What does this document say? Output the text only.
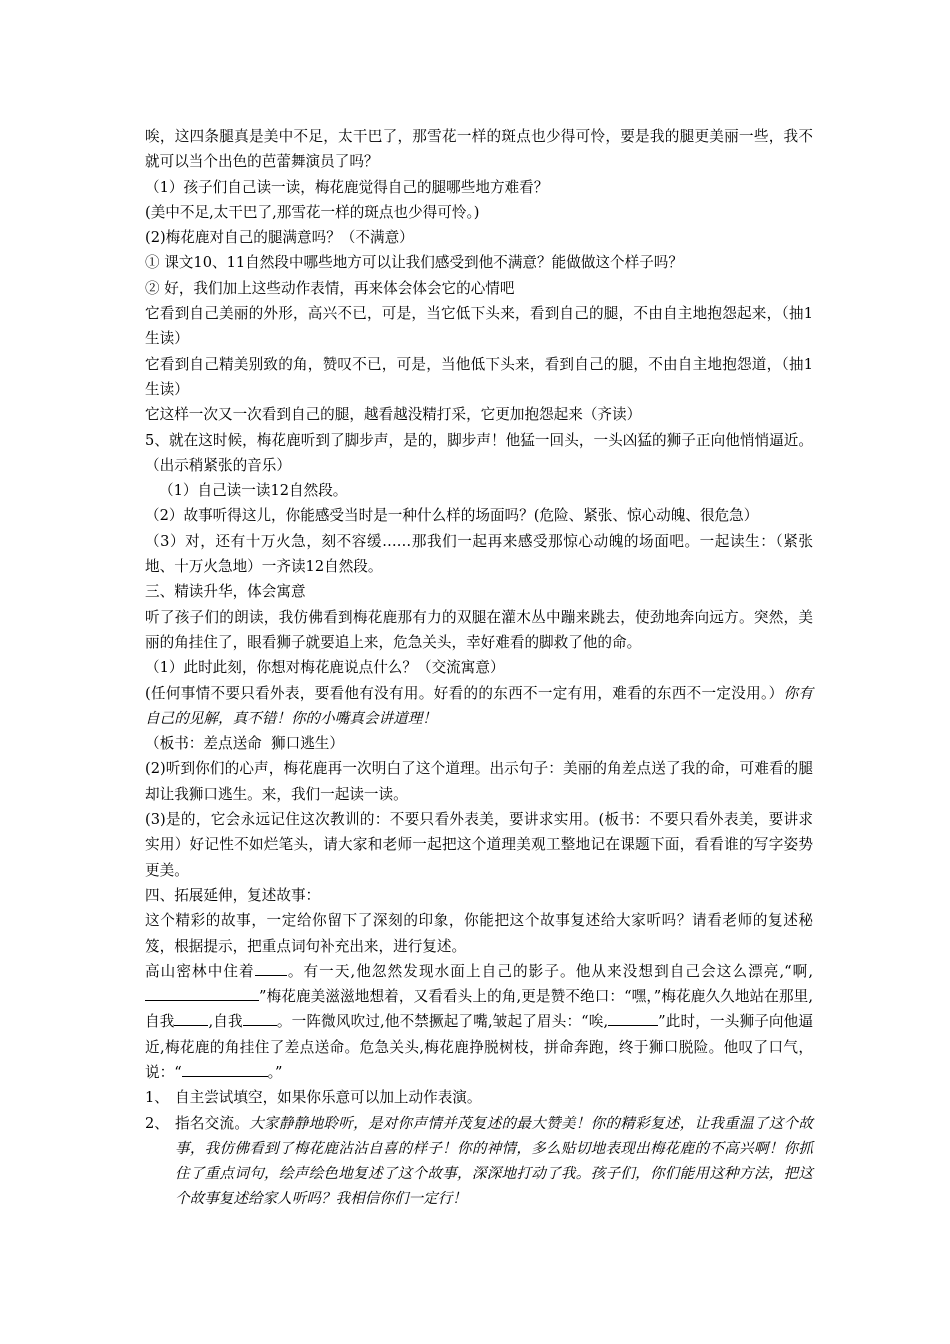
唉，这四条腿真是美中不足，太干巴了，那雪花一样的斑点也少得可怜，要是我的腿更美丽一些，我不就可以当个出色的芭蕾舞演员了吗？

（1）孩子们自己读一读，梅花鹿觉得自己的腿哪些地方难看？

(美中不足,太干巴了,那雪花一样的斑点也少得可怜。)

(2)梅花鹿对自己的腿满意吗？（不满意）

① 课文10、11自然段中哪些地方可以让我们感受到他不满意？能做做这个样子吗？

② 好，我们加上这些动作表情，再来体会体会它的心情吧

它看到自己美丽的外形，高兴不已，可是，当它低下头来，看到自己的腿，不由自主地抱怨起来，（抽1生读）

它看到自己精美别致的角，赞叹不已，可是，当他低下头来，看到自己的腿，不由自主地抱怨道，（抽1生读）

它这样一次又一次看到自己的腿，越看越没精打采，它更加抱怨起来（齐读）

5、就在这时候，梅花鹿听到了脚步声，是的，脚步声！他猛一回头，一头凶猛的狮子正向他悄悄逼近。（出示稍紧张的音乐）

（1）自己读一读12自然段。

（2）故事听得这儿，你能感受当时是一种什么样的场面吗？(危险、紧张、惊心动魄、很危急）

（3）对，还有十万火急，刻不容缓……那我们一起再来感受那惊心动魄的场面吧。一起读生：（紧张地、十万火急地）一齐读12自然段。

三、精读升华，体会寓意

听了孩子们的朗读，我仿佛看到梅花鹿那有力的双腿在灌木丛中蹦来跳去，使劲地奔向远方。突然，美丽的角挂住了，眼看狮子就要追上来，危急关头，幸好难看的脚救了他的命。

（1）此时此刻，你想对梅花鹿说点什么？（交流寓意）

(任何事情不要只看外表，要看他有没有用。好看的的东西不一定有用，难看的东西不一定没用。）你有自己的见解，真不错！你的小嘴真会讲道理！

（板书：差点送命  狮口逃生）

(2)听到你们的心声，梅花鹿再一次明白了这个道理。出示句子：美丽的角差点送了我的命，可难看的腿却让我狮口逃生。来，我们一起读一读。

(3)是的，它会永远记住这次教训的：不要只看外表美，要讲求实用。(板书：不要只看外表美，要讲求实用）好记性不如烂笔头，请大家和老师一起把这个道理美观工整地记在课题下面，看看谁的写字姿势更美。

四、拓展延伸，复述故事：

这个精彩的故事，一定给你留下了深刻的印象，你能把这个故事复述给大家听吗？请看老师的复述秘笈，根据提示，把重点词句补充出来，进行复述。

高山密林中住着 。有一天,他忽然发现水面上自己的影子。他从来没想到自己会这么漂亮,“啊,”梅花鹿美滋滋地想着，又看看头上的角,更是赞不绝口：“嘿，”梅花鹿久久地站在那里,自我 ,自我 。一阵微风吹过,他不禁撅起了嘴,皱起了眉头：“唉,	”此时，一头狮子向他逼近,梅花鹿的角挂住了差点送命。危急关头,梅花鹿挣脱树枝，拼命奔跑，终于狮口脱险。他叹了口气，说：“	。”

1、 自主尝试填空，如果你乐意可以加上动作表演。
2、 指名交流。大家静静地聆听，是对你声情并茂复述的最大赞美！你的精彩复述，让我重温了这个故事，我仿佛看到了梅花鹿沾沾自喜的样子！你的神情，多么贴切地表现出梅花鹿的不高兴啊！你抓住了重点词句，绘声绘色地复述了这个故事，深深地打动了我。孩子们，你们能用这种方法，把这个故事复述给家人听吗？我相信你们一定行！
